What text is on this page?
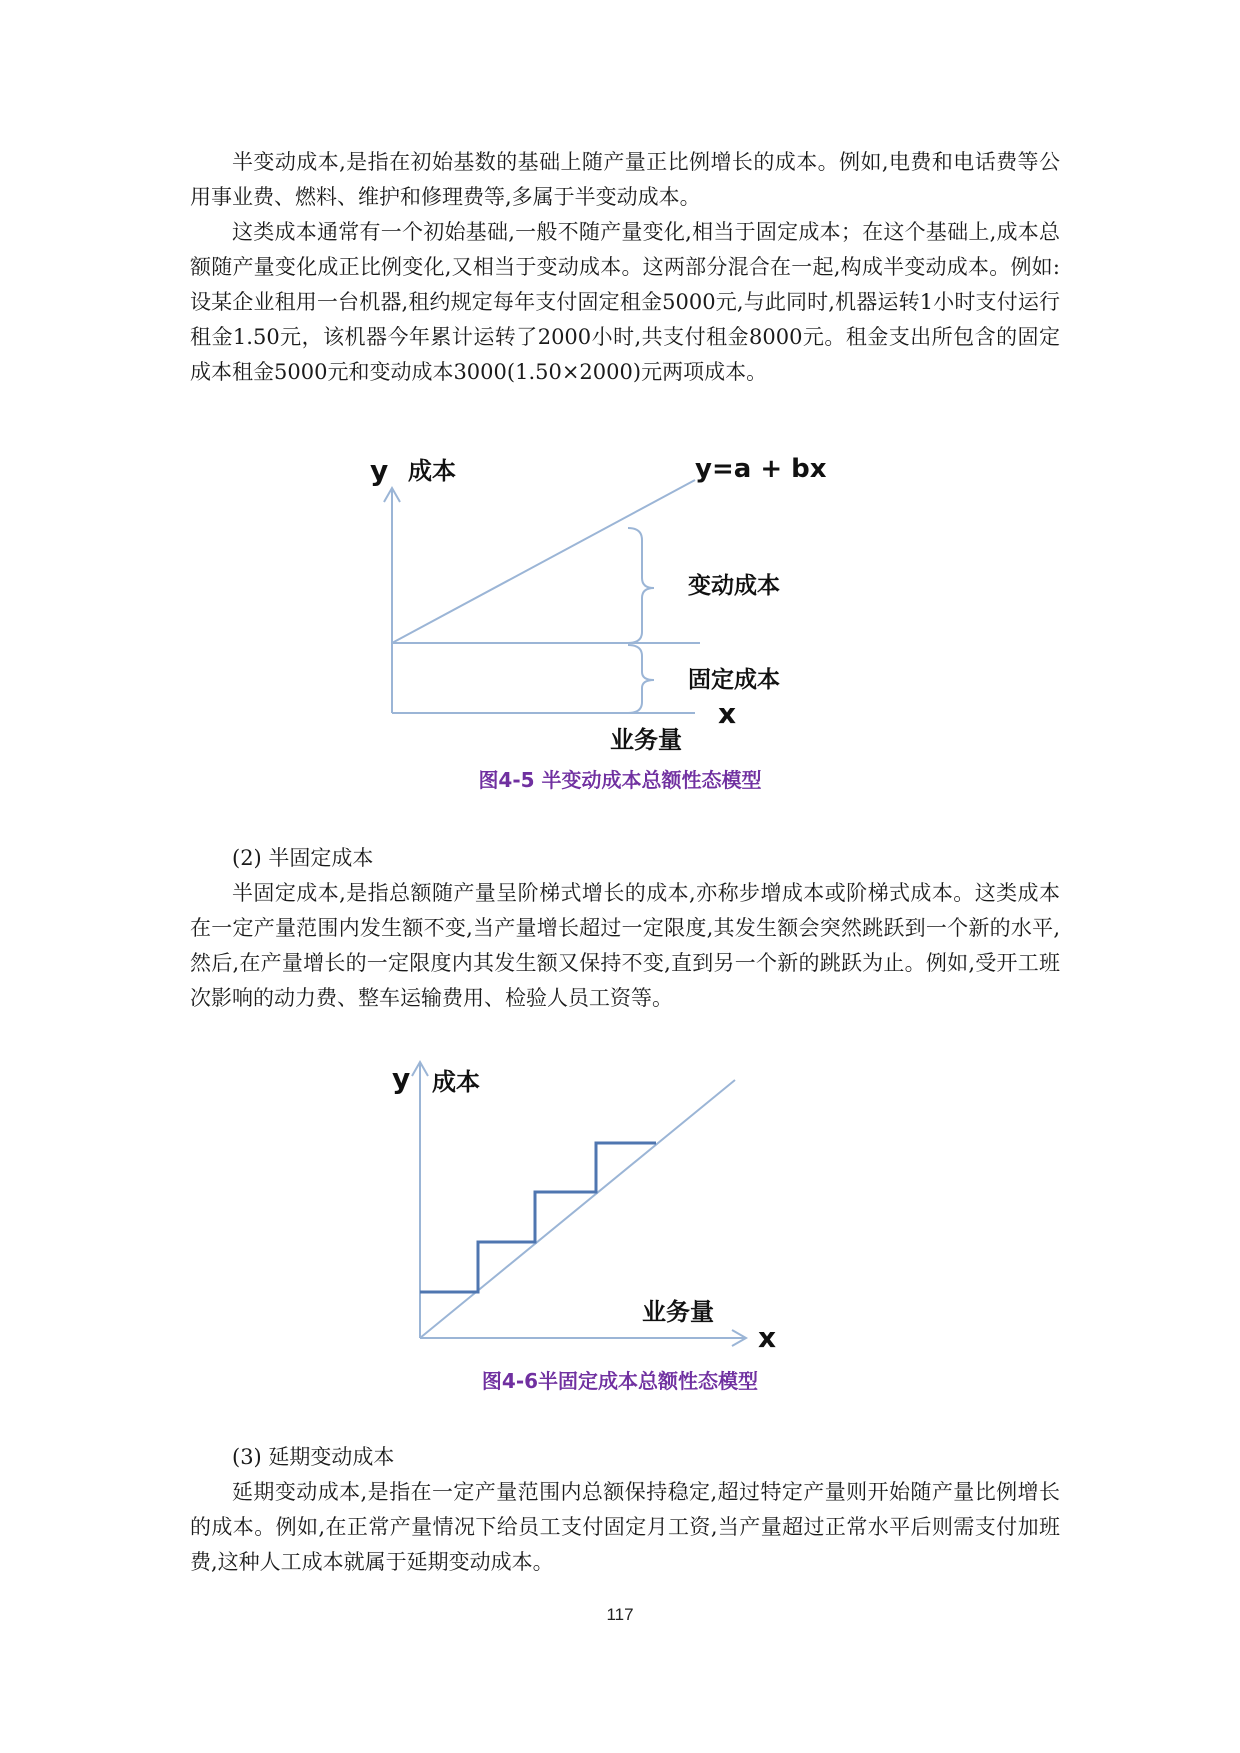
半变动成本,是指在初始基数的基础上随产量正比例增长的成本。例如,电费和电话费等公用事业费、燃料、维护和修理费等,多属于半变动成本。

这类成本通常有一个初始基础,一般不随产量变化,相当于固定成本；在这个基础上,成本总额随产量变化成正比例变化,又相当于变动成本。这两部分混合在一起,构成半变动成本。例如:设某企业租用一台机器,租约规定每年支付固定租金5000元,与此同时,机器运转1小时支付运行租金1.50元，该机器今年累计运转了2000小时,共支付租金8000元。租金支出所包含的固定成本租金5000元和变动成本3000(1.50×2000)元两项成本。

y 成本	y=a + bx
变动成本
固定成本
x
业务量
图4-5 半变动成本总额性态模型
y 成本
业务量
x
图4-6半固定成本总额性态模型

(2) 半固定成本

半固定成本,是指总额随产量呈阶梯式增长的成本,亦称步增成本或阶梯式成本。这类成本在一定产量范围内发生额不变,当产量增长超过一定限度,其发生额会突然跳跃到一个新的水平,然后,在产量增长的一定限度内其发生额又保持不变,直到另一个新的跳跃为止。例如,受开工班次影响的动力费、整车运输费用、检验人员工资等。

(3) 延期变动成本

延期变动成本,是指在一定产量范围内总额保持稳定,超过特定产量则开始随产量比例增长的成本。例如,在正常产量情况下给员工支付固定月工资,当产量超过正常水平后则需支付加班费,这种人工成本就属于延期变动成本。

117
